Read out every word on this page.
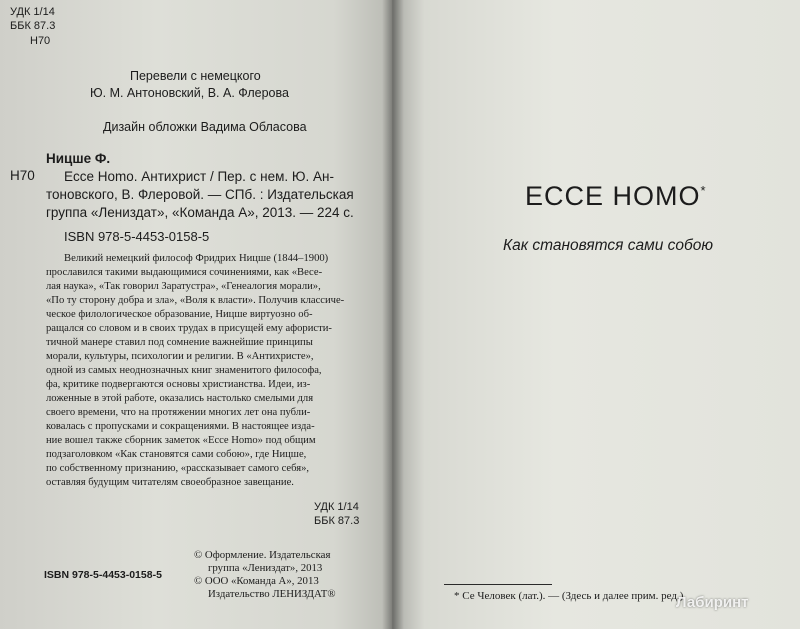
УДК 1/14
ББК 87.3
Н70
Перевели с немецкого
Ю. М. Антоновский, В. А. Флерова
Дизайн обложки Вадима Обласова
Ницше Ф.
Н70 Ecce Homo. Антихрист / Пер. с нем. Ю. Ан-
тоновского, В. Флеровой. — СПб. : Издательская
группа «Лениздат», «Команда А», 2013. — 224 с.
ISBN 978-5-4453-0158-5
Великий немецкий философ Фридрих Ницше (1844–1900)
прославился такими выдающимися сочинениями, как «Весе-
лая наука», «Так говорил Заратустра», «Генеалогия морали»,
«По ту сторону добра и зла», «Воля к власти». Получив классиче-
ческое филологическое образование, Ницше виртуозно об-
ращался со словом и в своих трудах в присущей ему афористи-
тичной манере ставил под сомнение важнейшие принципы
морали, культуры, психологии и религии. В «Антихристе»,
одной из самых неоднозначных книг знаменитого философа,
фа, критике подвергаются основы христианства. Идеи, из-
ложенные в этой работе, оказались настолько смелыми для
своего времени, что на протяжении многих лет она публи-
ковалась с пропусками и сокращениями. В настоящее изда-
ние вошел также сборник заметок «Ecce Homo» под общим
подзаголовком «Как становятся сами собою», где Ницше,
по собственному признанию, «рассказывает самого себя»,
оставляя будущим читателям своеобразное завещание.
УДК 1/14
ББК 87.3
ISBN 978-5-4453-0158-5
© Оформление. Издательская
группа «Лениздат», 2013
© ООО «Команда А», 2013
Издательство ЛЕНИЗДАТ®
ECCE HOMO*
Как становятся сами собою
* Се Человек (лат.). — (Здесь и далее прим. ред.)
Лабиринт
